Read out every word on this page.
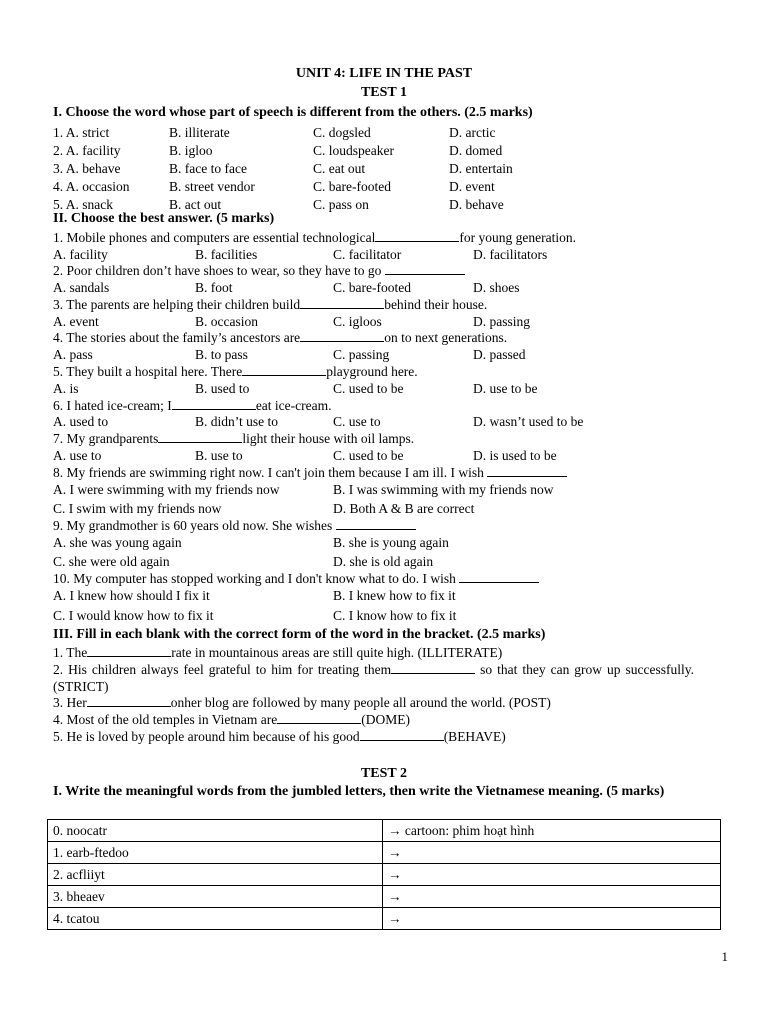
UNIT 4: LIFE IN THE PAST
TEST 1
I. Choose the word whose part of speech is different from the others. (2.5 marks)
1. A. strict	B. illiterate	C. dogsled	D. arctic
2. A. facility	B. igloo	C. loudspeaker	D. domed
3. A. behave	B. face to face	C. eat out	D. entertain
4. A. occasion	B. street vendor	C. bare-footed	D. event
5. A. snack	B. act out	C. pass on	D. behave
II. Choose the best answer. (5 marks)
1. Mobile phones and computers are essential technological	for young generation.
A. facility	B. facilities	C. facilitator	D. facilitators
2. Poor children don’t have shoes to wear, so they have to go
A. sandals	B. foot	C. bare-footed	D. shoes
3. The parents are helping their children build	behind their house.
A. event	B. occasion	C. igloos	D. passing
4. The stories about the family’s ancestors are	on to next generations.
A. pass	B. to pass	C. passing	D. passed
5. They built a hospital here. There	playground here.
A. is	B. used to	C. used to be	D. use to be
6. I hated ice-cream; I	eat ice-cream.
A. used to	B. didn’t use to	C. use to	D. wasn’t used to be
7. My grandparents	light their house with oil lamps.
A. use to	B. use to	C. used to be	D. is used to be
8. My friends are swimming right now. I can't join them because I am ill. I wish
A. I were swimming with my friends now	B. I was swimming with my friends now
C. I swim with my friends now	D. Both A & B are correct
9. My grandmother is 60 years old now. She wishes
A. she was young again	B. she is young again
C. she were old again	D. she is old again
10. My computer has stopped working and I don't know what to do. I wish
A. I knew how should I fix it	B. I knew how to fix it
C. I would know how to fix it	C. I know how to fix it
III. Fill in each blank with the correct form of the word in the bracket. (2.5 marks)
1. The	rate in mountainous areas are still quite high. (ILLITERATE)
2. His children always feel grateful to him for treating them	so that they can grow up successfully. (STRICT)
3. Her	onher blog are followed by many people all around the world. (POST)
4. Most of the old temples in Vietnam are	(DOME)
5. He is loved by people around him because of his good	(BEHAVE)
TEST 2
I. Write the meaningful words from the jumbled letters, then write the Vietnamese meaning. (5 marks)
0. noocatr	→ cartoon: phim hoạt hình
1. earb-ftedoo	→
2. acfliiyt	→
3. bheaev	→
4. tcatou	→
1
